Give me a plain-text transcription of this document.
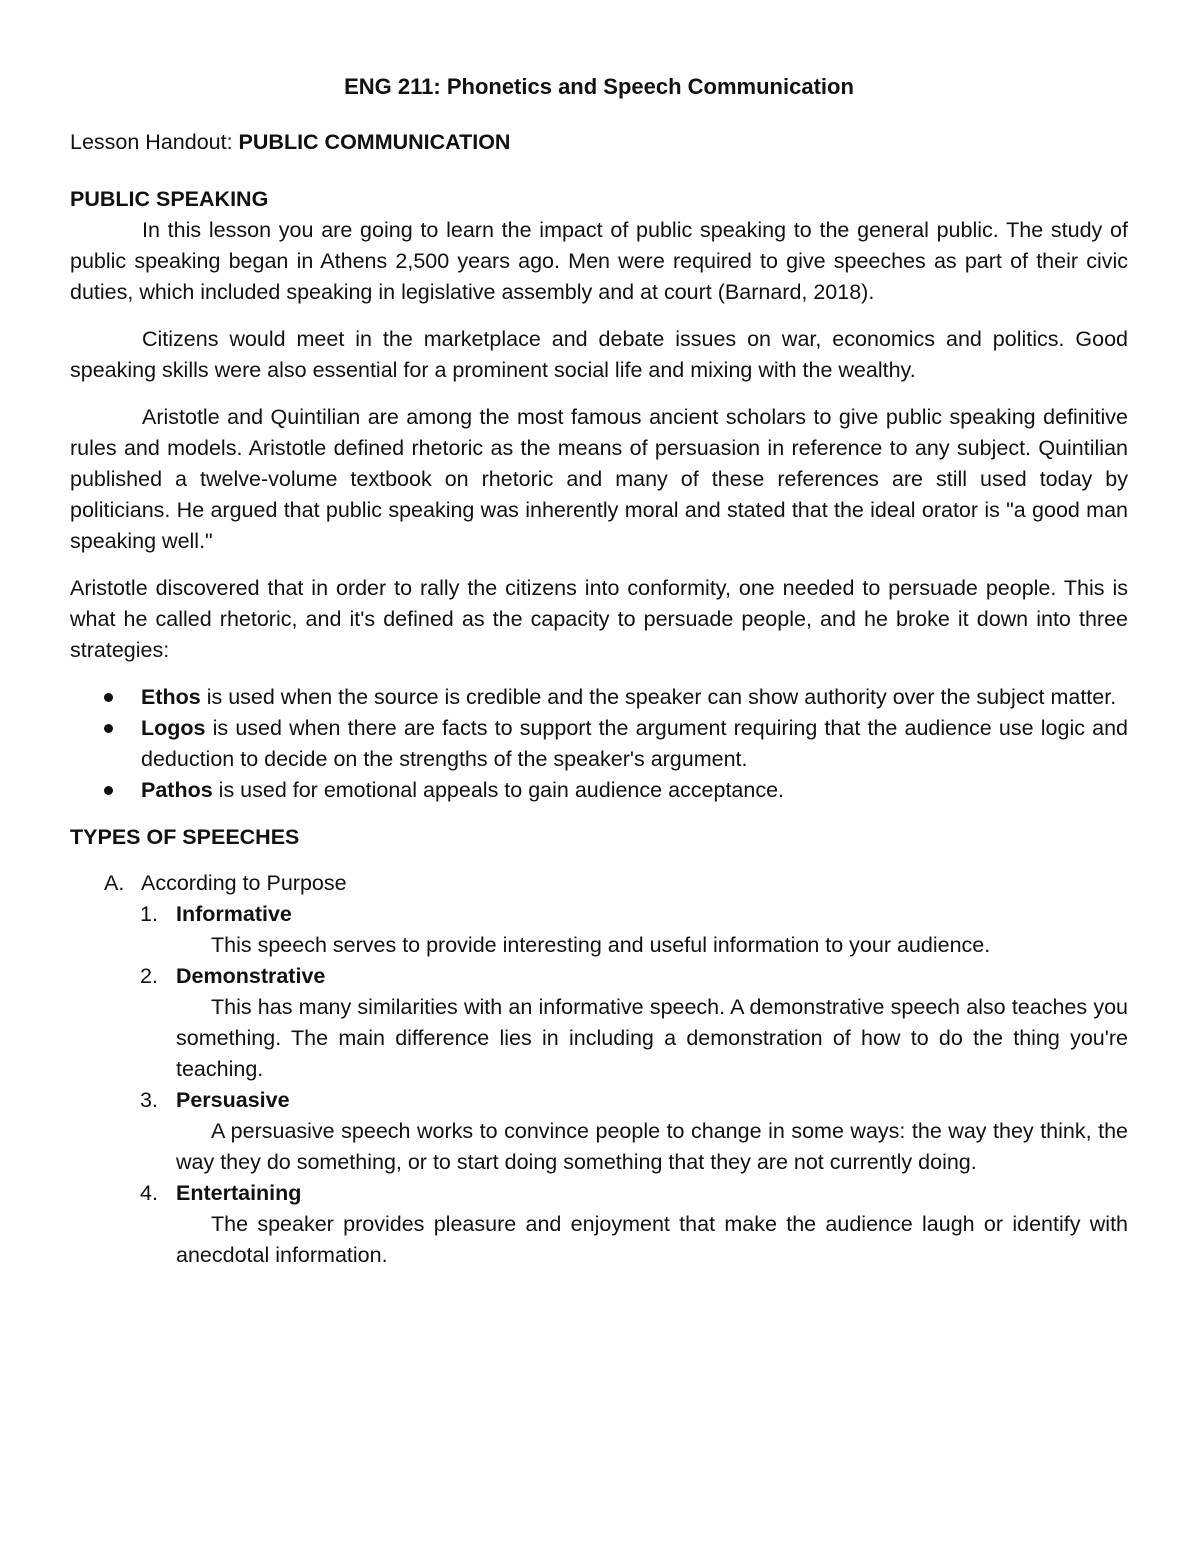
ENG 211: Phonetics and Speech Communication
Lesson Handout: PUBLIC COMMUNICATION
PUBLIC SPEAKING

In this lesson you are going to learn the impact of public speaking to the general public. The study of public speaking began in Athens 2,500 years ago. Men were required to give speeches as part of their civic duties, which included speaking in legislative assembly and at court (Barnard, 2018).

Citizens would meet in the marketplace and debate issues on war, economics and politics. Good speaking skills were also essential for a prominent social life and mixing with the wealthy.

Aristotle and Quintilian are among the most famous ancient scholars to give public speaking definitive rules and models. Aristotle defined rhetoric as the means of persuasion in reference to any subject. Quintilian published a twelve-volume textbook on rhetoric and many of these references are still used today by politicians. He argued that public speaking was inherently moral and stated that the ideal orator is "a good man speaking well."

Aristotle discovered that in order to rally the citizens into conformity, one needed to persuade people. This is what he called rhetoric, and it's defined as the capacity to persuade people, and he broke it down into three strategies:

Ethos is used when the source is credible and the speaker can show authority over the subject matter.
Logos is used when there are facts to support the argument requiring that the audience use logic and deduction to decide on the strengths of the speaker's argument.
Pathos is used for emotional appeals to gain audience acceptance.
TYPES OF SPEECHES
A. According to Purpose
1. Informative
This speech serves to provide interesting and useful information to your audience.
2. Demonstrative
This has many similarities with an informative speech. A demonstrative speech also teaches you something. The main difference lies in including a demonstration of how to do the thing you're teaching.
3. Persuasive
A persuasive speech works to convince people to change in some ways: the way they think, the way they do something, or to start doing something that they are not currently doing.
4. Entertaining
The speaker provides pleasure and enjoyment that make the audience laugh or identify with anecdotal information.
